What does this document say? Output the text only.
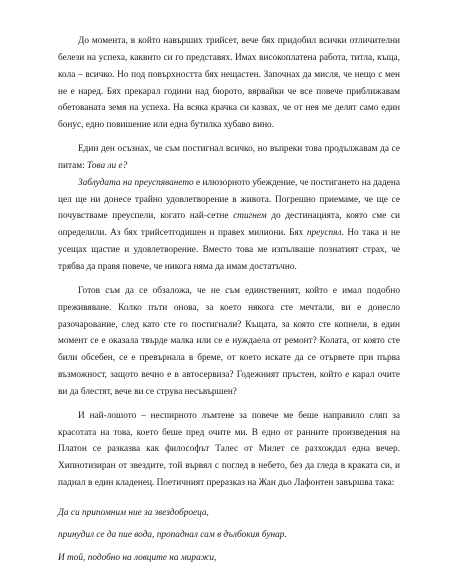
До момента, в който навърших трийсет, вече бях придобил всички отличителни белези на успеха, каквито си го представях. Имах високоплатена работа, титла, къща, кола – всичко. Но под повърхността бях нещастен. Започнах да мисля, че нещо с мен не е наред. Бях прекарал години над бюрото, вярвайки че все повече приближавам обетованата земя на успеха. На всяка крачка си казвах, че от нея ме делят само един бонус, едно повишение или една бутилка хубаво вино.

Един ден осъзнах, че съм постигнал всичко, но въпреки това продължавам да се питам: Това ли е?

Заблудата на преуспяването е илюзорното убеждение, че постигането на дадена цел ще ни донесе трайно удовлетворение в живота. Погрешно приемаме, че ще се почувстваме преуспели, когато най-сетне стигнем до дестинацията, която сме си определили. Аз бях трийсетгодишен и правех милиони. Бях преуспял. Но така и не усещах щастие и удовлетворение. Вместо това ме изпълваше познатият страх, че трябва да правя повече, че никога няма да имам достатъчно.

Готов съм да се обзаложа, че не съм единственият, който е имал подобно преживяване. Колко пъти онова, за което някога сте мечтали, ви е донесло разочарование, след като сте го постигнали? Къщата, за която сте копнели, в един момент се е оказала твърде малка или се е нуждаела от ремонт? Колата, от която сте били обсебен, се е превърнала в бреме, от което искате да се отървете при първа възможност, защото вечно е в автосервиза? Годежният пръстен, който е карал очите ви да блестят, вече ви се струва несъвършен?

И най-лошото – неспирното лъмтене за повече ме беше направило сляп за красотата на това, което беше пред очите ми. В едно от ранните произведения на Платон се разказва как философът Талес от Милет се разхождал една вечер. Хипнотизиран от звездите, той вървял с поглед в небето, без да гледа в краката си, и паднал в един кладенец. Поетичният преразказ на Жан дьо Лафонтен завършва така:

Да си припомним ние за звездоброеца,
принудил се да пие вода, пропаднал сам в дълбокия бунар.
И той, подобно на ловците на миражи,
